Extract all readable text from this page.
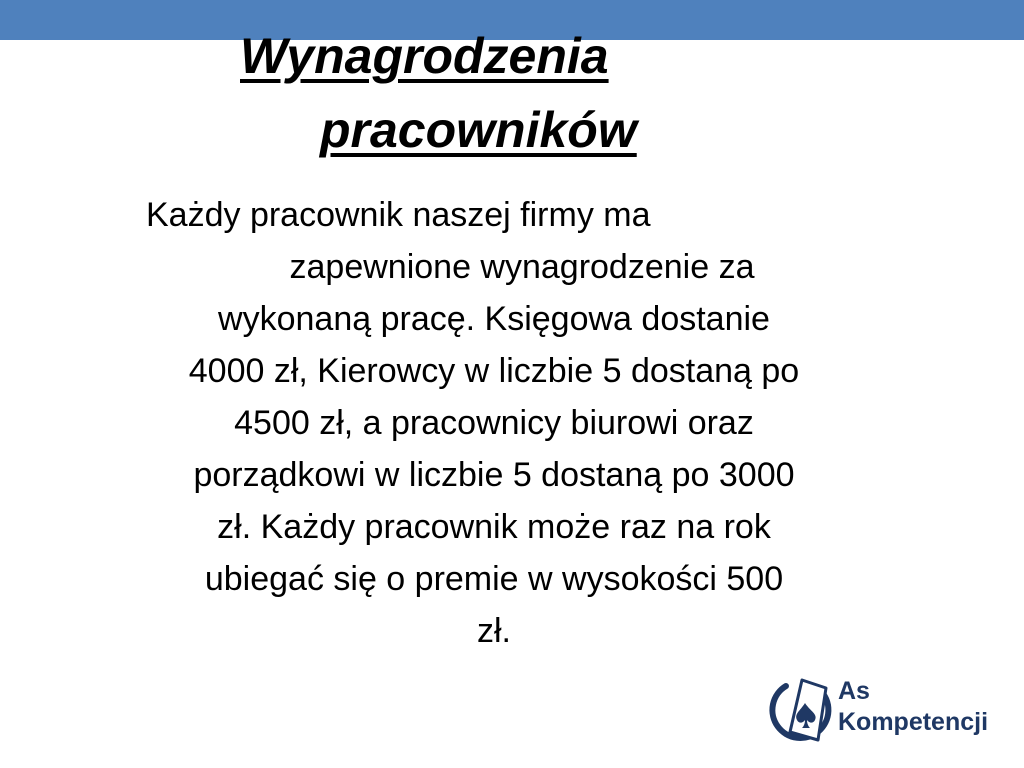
Wynagrodzenia
pracowników

Każdy pracownik naszej firmy ma
zapewnione wynagrodzenie za
wykonaną pracę. Księgowa dostanie
4000 zł, Kierowcy w liczbie 5 dostaną po
4500 zł, a pracownicy biurowi oraz
porządkowi w liczbie 5 dostaną po 3000
zł. Każdy pracownik może raz na rok
ubiegać się o premie w wysokości 500
zł.

As
Kompetencji
